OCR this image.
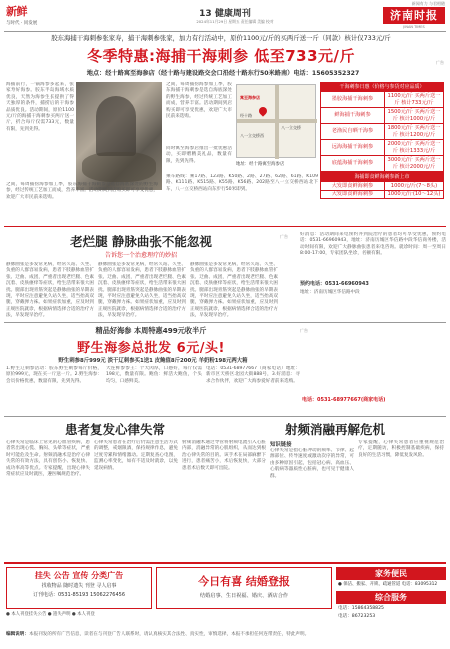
新鲜
与时代 · 同发展
13 健康周刊
2024年11月29日 星期五 责任编辑 美编 校对
新闻有力 与君相随
济南时报
JINAN TIMES
胶东海捕干海刺参张家寿，捕干海刺参张家，加力有行活动中，原价1100元/斤的买两斤送一斤（同款）核计仅733元/斤
冬季特惠:海捕干海刺参 低至733元/斤
地点：经十路寓至海参店（经十路与建设路交会口沿经十路东行50米路南）电话：15605352327
广告
海捕前行，一锅海参多起来，张家寿好海参。胶东半岛海域水质优良，天然为海参生长提供了得天独厚的条件，捕捞后的干海参品质优良。活动期间，原价1100元/斤的海捕干海刺参买两斤送一斤，折合每斤仅需733元，数量有限，先到先得。
之间，每周捕捞海参加工季，胶东海捕干海刺参是选自海底深处的野生海参，经过传统工艺加工而成，营养丰富。活动期间到店购买即可享受优惠，欢迎广大市民前来选购。
之间，每周捕捞海参加工季，胶东海捕干海刺参是选自海底深处的野生海参，经过传统工艺加工而成，营养丰富。活动期间到店购买即可享受优惠，欢迎广大市民前来选购。
同时寓至海参店推出一批优惠活动，买即赠精美礼品，数量有限，先到先得。
经十路
八一立交桥
八一立交桥西
寓至海参店
地址：经十路寓至海参店
乘车路线：乘17路、123路、K50路、2路、27路、62路、61路、K109路、K111路、K515路、K55路、K56路、202路至八一立交桥西站北下车，八一立交桥西站向东步行50米即到。
干海刺参日惠（价格与参货对应品质）
墨胶海捕干海刺参	1100元/斤 买两斤送一斤 核计733元/斤
鲜海捕干海刺参	1500元/斤 买两斤送一斤 核计1000元/斤
老渔民自晒干海参	1800元/斤 买两斤送一斤 核计1200元/斤
远海海捕干海刺参	2000元/斤 买两斤送一斤 核计1333元/斤
底蕴海捕干海刺参	3000元/斤 买两斤送一斤 核计2000元/斤
海捕即食鲜海刺参新上市
大发即食鲜海刺参	1000元/斤(7～8头)
大发即食鲜海刺参	1000元/斤(10～12头)
老烂腿 静脉曲张不能忽视
告诉您一个治愈理疗的妙招
广告
静脉曲张是多发常见病，经常久站、久坐、负重的人群容易发病，患者下肢静脉血管扩张、迂曲、成团，严重者出现老烂腿、色素沉着、皮肤瘙痒等症状，给生活带来很大困扰。腿部出现青筋突起是静脉曲张的早期表现，平时应注意避免久站久坐，适当抬高双腿，穿戴弹力袜。如果症状加重，应及时到正规医院就诊，根据病情选择合适的治疗方法，早发现早治疗。
静脉曲张是多发常见病，经常久站、久坐、负重的人群容易发病，患者下肢静脉血管扩张、迂曲、成团，严重者出现老烂腿、色素沉着、皮肤瘙痒等症状，给生活带来很大困扰。腿部出现青筋突起是静脉曲张的早期表现，平时应注意避免久站久坐，适当抬高双腿，穿戴弹力袜。如果症状加重，应及时到正规医院就诊，根据病情选择合适的治疗方法，早发现早治疗。
静脉曲张是多发常见病，经常久站、久坐、负重的人群容易发病，患者下肢静脉血管扩张、迂曲、成团，严重者出现老烂腿、色素沉着、皮肤瘙痒等症状，给生活带来很大困扰。腿部出现青筋突起是静脉曲张的早期表现，平时应注意避免久站久坐，适当抬高双腿，穿戴弹力袜。如果症状加重，应及时到正规医院就诊，根据病情选择合适的治疗方法，早发现早治疗。
好消息：活动期间来电预约并到院治疗的患者均可享受优惠，预约电话：0531-66960943，地址：济南历城区华信路中段华信商务楼，活动时间有限，欢迎广大静脉曲张患者来电咨询。就诊时间：周一至周日 8:00-17:00，专家团队坐诊，名额有限。
预约电话：0531-66960943
地址：济南历城区华信路中段
精品好海参 本周特惠499元收半斤
野生海参总批发 6元/头!
野生刺参8斤999元 淡干辽刺参买1送1 皮鲍值8斤200元 羊奶粉198元两大箱
1.野生辽刺参活动：胶东野生刺参每斤价格，原价999元，现在买一斤送一斤。2.野生海参：会员价格优惠，数量有限，先到先得。
大连鲜参参王：个大肉厚，口感好，每斤仅需198元，数量有限。鲍鱼：鲜活大鲍鱼，个头均匀，口感鲜美。
电话：0531-68977667（商家电话）地址：新市区天桥区北园大街888号，3.好消息：寻求合作伙伴，欢迎广大海参爱好者前来选购。
广告
电话：0531-68977667(商家电话)
患者复发心律失常	射频消融再解危机
心律失常是临床上常见的心血管疾病，患者常出现心慌、胸闷、头晕等症状，严重时可能危及生命。射频消融术是治疗心律失常的有效方法，具有创伤小、恢复快、成功率高等优点。专家提醒，出现心律失常症状应及时就医，遵医嘱规范治疗。
心律失常患者在治疗后仍需注意生活方式的调整，戒烟限酒，保持规律作息，避免过度劳累和情绪激动。定期复查心电图，监测心率变化，如有不适及时就诊，以免延误病情。
射频消融术通过导管将射频电流引入心脏内部，消融异常的心肌组织，从而达到根治心律失常的目的。该手术在局部麻醉下进行，患者痛苦小，术后恢复快，大部分患者术后数天即可出院。
知识链接
心律失常是指心脏冲动的频率、节律、起源部位、传导速度或激动次序的异常，可由多种原因引起，包括冠心病、高血压、心肌病等器质性心脏病，也可见于健康人群。
专家提醒，心律失常患者应重视规范治疗，定期随访，积极控制基础疾病，保持良好的生活习惯，降低复发风险。
挂失 公告 宣传 分类广告
找收物品 随时遗失 刊登 寻人启事
订刊电话：0531-85193 15062276456
● 本人刊登挂失公告 ● 遗失声明 ● 本人刊登
今日有喜 结婚登报
结婚启事、生日祝福、婚庆、酒店合作
家务便民
● 保洁、搬家、开锁、疏通管道 电话：83095312
综合服务
电话：15864358825
电话：86723253
编辑说明：本报刊发的所有广告信息，读者在与刊登广告人联系时，请认真核实其合法性、真实性，审慎选择，本报不承担任何连带责任，特此声明。
